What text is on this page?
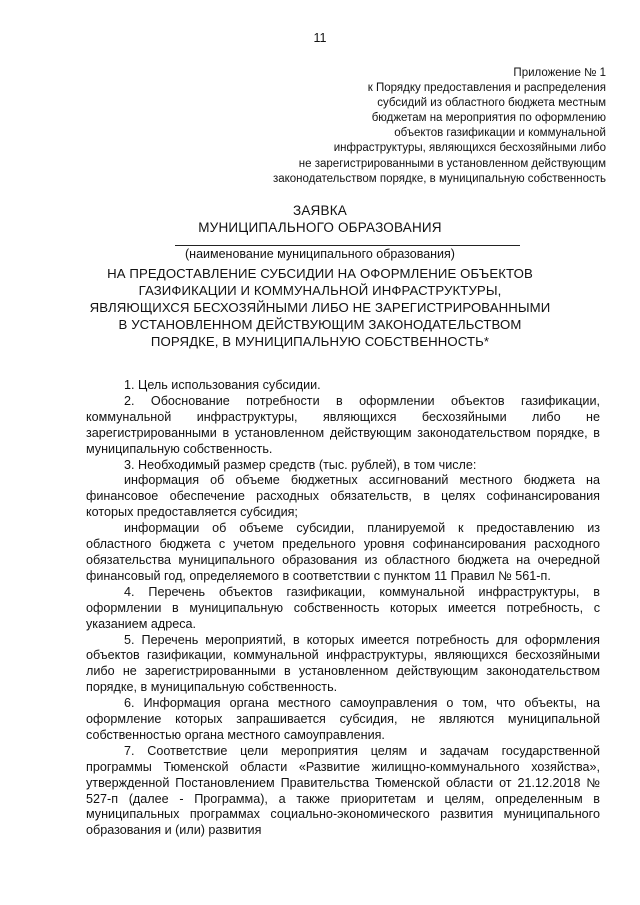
11
Приложение № 1
к Порядку предоставления и распределения
субсидий из областного бюджета местным
бюджетам на мероприятия по оформлению
объектов газификации и коммунальной
инфраструктуры, являющихся бесхозяйными либо
не зарегистрированными в установленном действующим
законодательством порядке, в муниципальную собственность
ЗАЯВКА
МУНИЦИПАЛЬНОГО ОБРАЗОВАНИЯ
(наименование муниципального образования)
НА ПРЕДОСТАВЛЕНИЕ СУБСИДИИ НА ОФОРМЛЕНИЕ ОБЪЕКТОВ ГАЗИФИКАЦИИ И КОММУНАЛЬНОЙ ИНФРАСТРУКТУРЫ, ЯВЛЯЮЩИХСЯ БЕСХОЗЯЙНЫМИ ЛИБО НЕ ЗАРЕГИСТРИРОВАННЫМИ В УСТАНОВЛЕННОМ ДЕЙСТВУЮЩИМ ЗАКОНОДАТЕЛЬСТВОМ ПОРЯДКЕ, В МУНИЦИПАЛЬНУЮ СОБСТВЕННОСТЬ*

1. Цель использования субсидии.

2. Обоснование потребности в оформлении объектов газификации, коммунальной инфраструктуры, являющихся бесхозяйными либо не зарегистрированными в установленном действующим законодательством порядке, в муниципальную собственность.

3. Необходимый размер средств (тыс. рублей), в том числе:

информация об объеме бюджетных ассигнований местного бюджета на финансовое обеспечение расходных обязательств, в целях софинансирования которых предоставляется субсидия;

информации об объеме субсидии, планируемой к предоставлению из областного бюджета с учетом предельного уровня софинансирования расходного обязательства муниципального образования из областного бюджета на очередной финансовый год, определяемого в соответствии с пунктом 11 Правил № 561-п.

4. Перечень объектов газификации, коммунальной инфраструктуры, в оформлении в муниципальную собственность которых имеется потребность, с указанием адреса.

5. Перечень мероприятий, в которых имеется потребность для оформления объектов газификации, коммунальной инфраструктуры, являющихся бесхозяйными либо не зарегистрированными в установленном действующим законодательством порядке, в муниципальную собственность.

6. Информация органа местного самоуправления о том, что объекты, на оформление которых запрашивается субсидия, не являются муниципальной собственностью органа местного самоуправления.

7. Соответствие цели мероприятия целям и задачам государственной программы Тюменской области «Развитие жилищно-коммунального хозяйства», утвержденной Постановлением Правительства Тюменской области от 21.12.2018 № 527-п (далее - Программа), а также приоритетам и целям, определенным в муниципальных программах социально-экономического развития муниципального образования и (или) развития
